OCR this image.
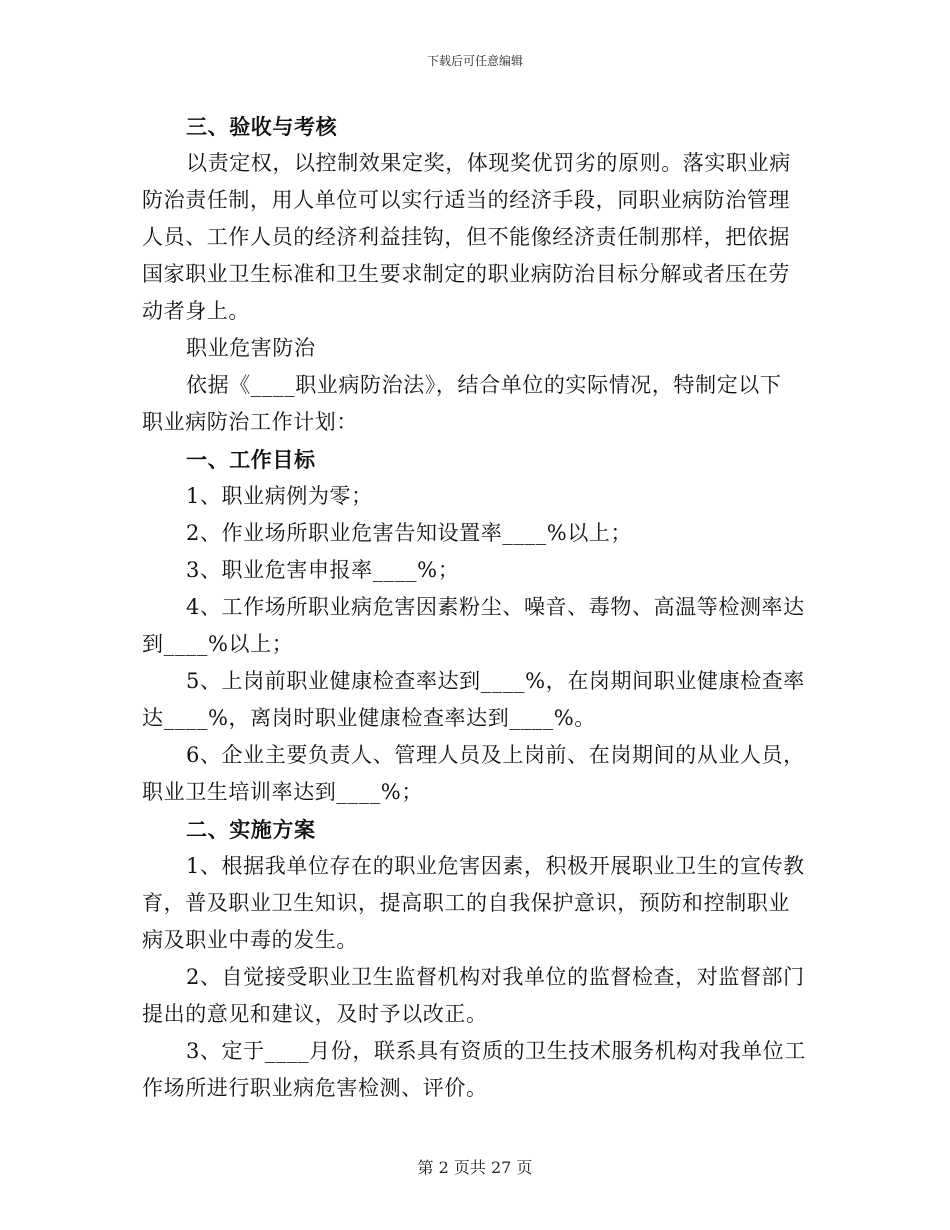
下载后可任意编辑
三、验收与考核
以责定权，以控制效果定奖，体现奖优罚劣的原则。落实职业病
防治责任制，用人单位可以实行适当的经济手段，同职业病防治管理
人员、工作人员的经济利益挂钩，但不能像经济责任制那样，把依据
国家职业卫生标准和卫生要求制定的职业病防治目标分解或者压在劳
动者身上。
职业危害防治
依据《____职业病防治法》，结合单位的实际情况，特制定以下
职业病防治工作计划：
一、工作目标
1、职业病例为零；
2、作业场所职业危害告知设置率____%以上；
3、职业危害申报率____%；
4、工作场所职业病危害因素粉尘、噪音、毒物、高温等检测率达
到____%以上；
5、上岗前职业健康检查率达到____%，在岗期间职业健康检查率
达____%，离岗时职业健康检查率达到____%。
6、企业主要负责人、管理人员及上岗前、在岗期间的从业人员，
职业卫生培训率达到____%；
二、实施方案
1、根据我单位存在的职业危害因素，积极开展职业卫生的宣传教
育，普及职业卫生知识，提高职工的自我保护意识，预防和控制职业
病及职业中毒的发生。
2、自觉接受职业卫生监督机构对我单位的监督检查，对监督部门
提出的意见和建议，及时予以改正。
3、定于____月份，联系具有资质的卫生技术服务机构对我单位工
作场所进行职业病危害检测、评价。
第 2 页共 27 页
